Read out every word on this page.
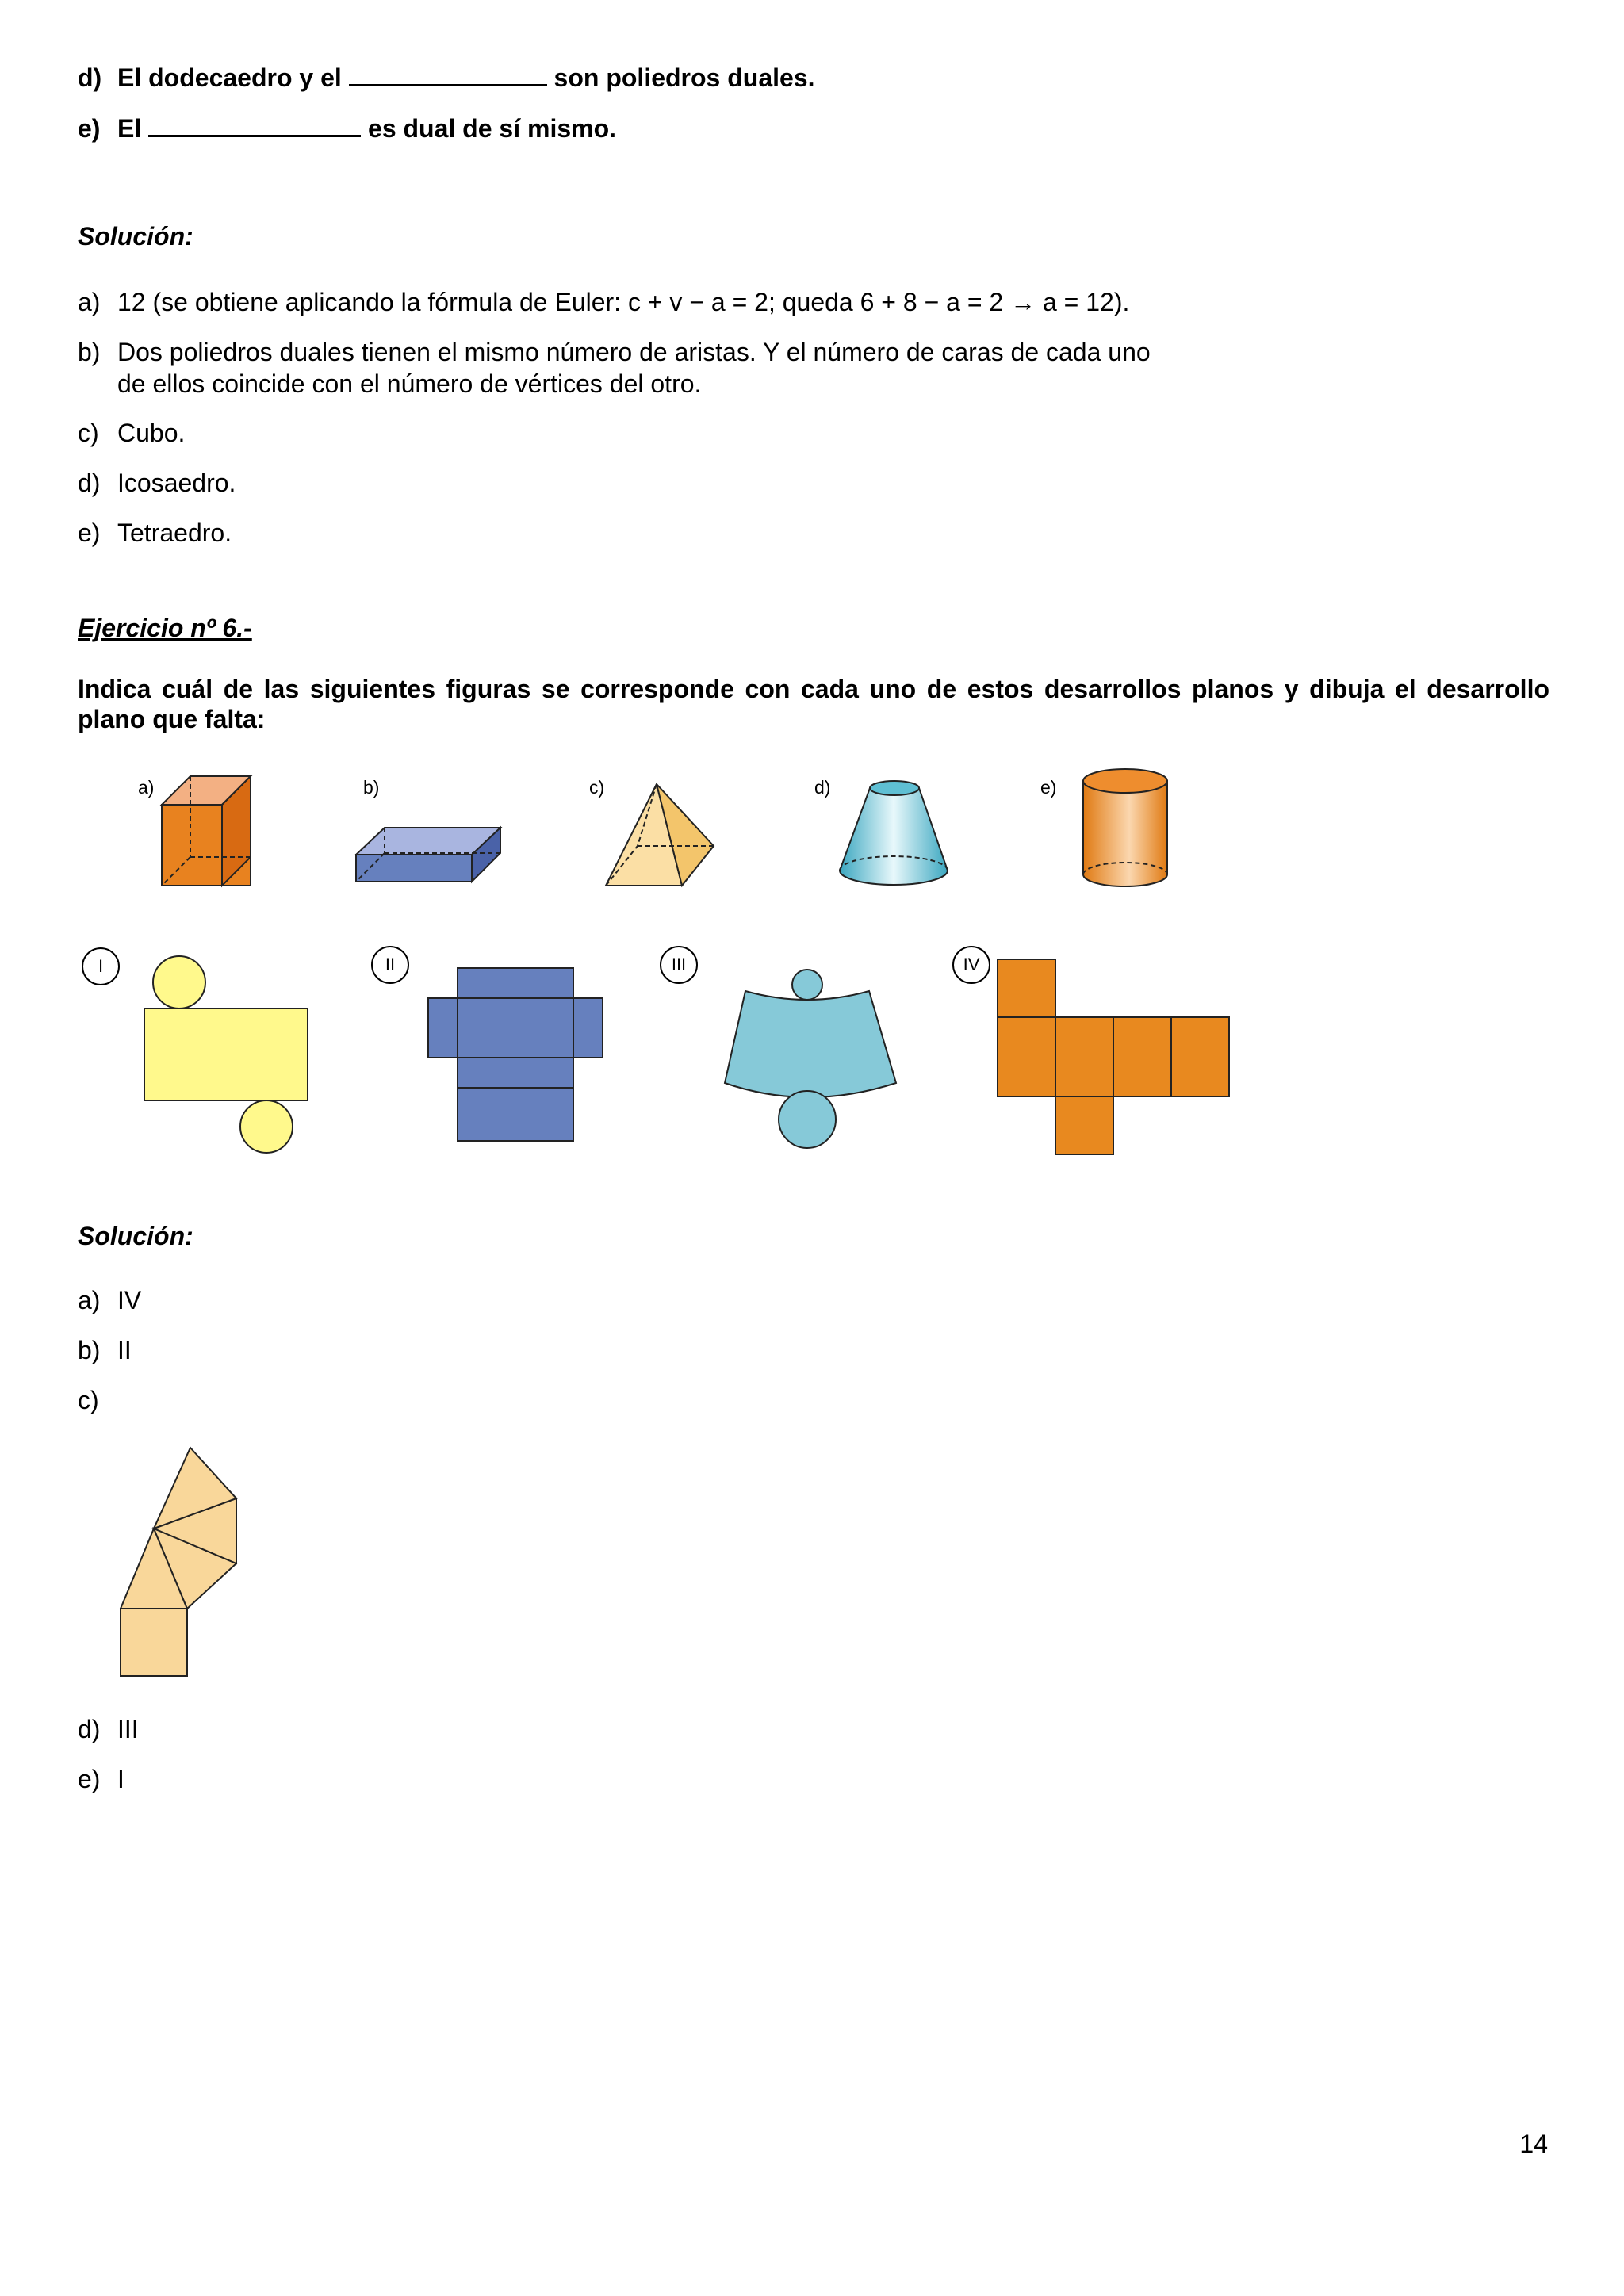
d) El dodecaedro y el	son poliedros duales.
e) El	es dual de sí mismo.
Solución:
a) 12 (se obtiene aplicando la fórmula de Euler: c + v − a = 2; queda 6 + 8 − a = 2 → a = 12).
b) Dos poliedros duales tienen el mismo número de aristas. Y el número de caras de cada uno
de ellos coincide con el número de vértices del otro.
c) Cubo.
d) Icosaedro.
e) Tetraedro.
Ejercicio nº 6.-
Indica cuál de las siguientes figuras se corresponde con cada uno de estos desarrollos planos y dibuja el desarrollo plano que falta:
a)	b)	c)	d)	e)
I	II	III	IV
Solución:
a) IV
b) II
c)
d) III
e) I
14
